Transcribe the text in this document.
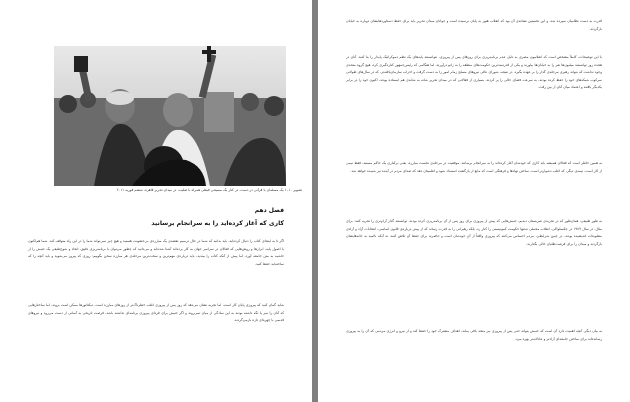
تصویر ۱۰–۱ یک مسلمان با قرآنی در دست، در کنار یک مسیحی قبطی همراه با صلیب، در میدان تحریر قاهره، ششم فوریه ۲۰۱۱

فصل دهم
کاری که آغاز کرده‌اید را به سرانجام برسانید

اگر تا به اینجای کتاب را دنبال کرده‌اید، باید بدانید که شما در حال ترسیم نقشه‌ی یک مبارزه‌ی بی‌خشونت هستید و هیچ چیز نمی‌تواند شما را در این راه متوقف کند. شما هم‌اکنون با اصول پایه، ابزارها و روش‌هایی که فعالان در سراسر جهان به کار برده‌اند آشنا شده‌اید و می‌دانید که چطور می‌توان با برنامه‌ریزی دقیق، اتحاد و شوخ‌طبعی یک جنبش را از حاشیه به متن جامعه آورد. اما پیش از آنکه کتاب را ببندید، باید درباره‌ی مهم‌ترین و سخت‌ترین مرحله‌ی هر مبارزه سخن بگوییم: روزی که پیروز می‌شوید و باید آنچه را که ساخته‌اید حفظ کنید.

شاید گمان کنید که پیروزی پایان کار است، اما تجربه نشان می‌دهد که روز پس از پیروزی اغلب خطرناک‌تر از روزهای مبارزه است. دیکتاتورها ممکن است بروند، اما ساختارهایی که آنان را سر پا نگه داشته بودند به این سادگی از میان نمی‌روند و اگر جنبش برای فردای پیروزی برنامه‌ای نداشته باشد، فرصت تاریخی به آسانی از دست می‌رود و نیروهای قدیمی با چهره‌ای تازه بازمی‌گردند.

قدرت به دست نظامیان سپرده شد، و این نخستین نشانه‌ی آن بود که انقلاب هنوز به پایان نرسیده است و جوانان میدان تحریر باید برای حفظ دستاوردهایشان دوباره به خیابان بازگردند.

با این توضیحات، کاملاً مشخص است که انقلابیون مصری به دلیل عدم برنامه‌ریزی برای روزهای پس از پیروزی، نتوانستند پایه‌های یک نظم دموکراتیک پایدار را بنا کنند. آنان در هجده روز توانستند میلیون‌ها نفر را به خیابان‌ها بیاورند و یکی از قدرتمندترین حکومت‌های منطقه را به زانو درآورند، اما هنگامی که رئیس‌جمهور کناره‌گیری کرد، هیچ گروه متحدی وجود نداشت که بتواند رهبری مرحله‌ی گذار را بر عهده بگیرد. در نتیجه، شورای عالی نیروهای مسلح زمام امور را به دست گرفت و احزاب سازمان‌یافته‌تر، که در سال‌های طولانی سرکوب شبکه‌های خود را حفظ کرده بودند، به سرعت فضای خالی را پر کردند. بسیاری از فعالانی که در میدان تحریر شانه به شانه‌ی هم ایستاده بودند، اکنون خود را در برابر یکدیگر یافتند و اعتماد میان آنان از بین رفت.

به همین خاطر است که فعالان همیشه باید کاری که خودشان آغاز کرده‌اند را به سرانجام برسانند. موفقیت در مرحله‌ی نخست مبارزه، یعنی برکناری یک حاکم مستبد، فقط نیمی از کار است. نیمه‌ی دیگر، که اغلب دشوارتر است، ساختن نهادها و فرهنگی است که مانع از بازگشت استبداد شود و اطمینان دهد که صدای مردم در آینده نیز شنیده خواهد شد.

به طور طبیعی، همان‌طور که در تجربه‌ی صربستان دیدیم، جنبش‌هایی که پیش از پیروزی برای روز پس از آن برنامه‌ریزی کرده بودند، توانستند گذار آرام‌تری را تجربه کنند. برای مثال، در سال ۱۹۸۹ در چکسلواکی، انقلاب مخملی نه‌تنها حکومت کمونیستی را کنار زد، بلکه رهبرانی را به قدرت رساند که از پیش درباره‌ی قانون اساسی، انتخابات آزاد و آزادی مطبوعات اندیشیده بودند. در چنین شرایطی، مردم احساس می‌کنند که پیروزی واقعاً از آنِ خودشان است و حاضرند برای حفظ آن تلاش کنند، نه آنکه ناامید به خانه‌هایشان بازگردند و میدان را برای فرصت‌طلبان خالی بگذارند.

به بیان دیگر، آنچه اهمیت دارد آن است که جنبش بتواند حتی پس از پیروزی نیز متحد باقی بماند، اهداف مشترک خود را حفظ کند و از نیرو و انرژی مردمی که آن را به پیروزی رسانده‌اند برای ساختن جامعه‌ای آزادتر و عادلانه‌تر بهره ببرد.
